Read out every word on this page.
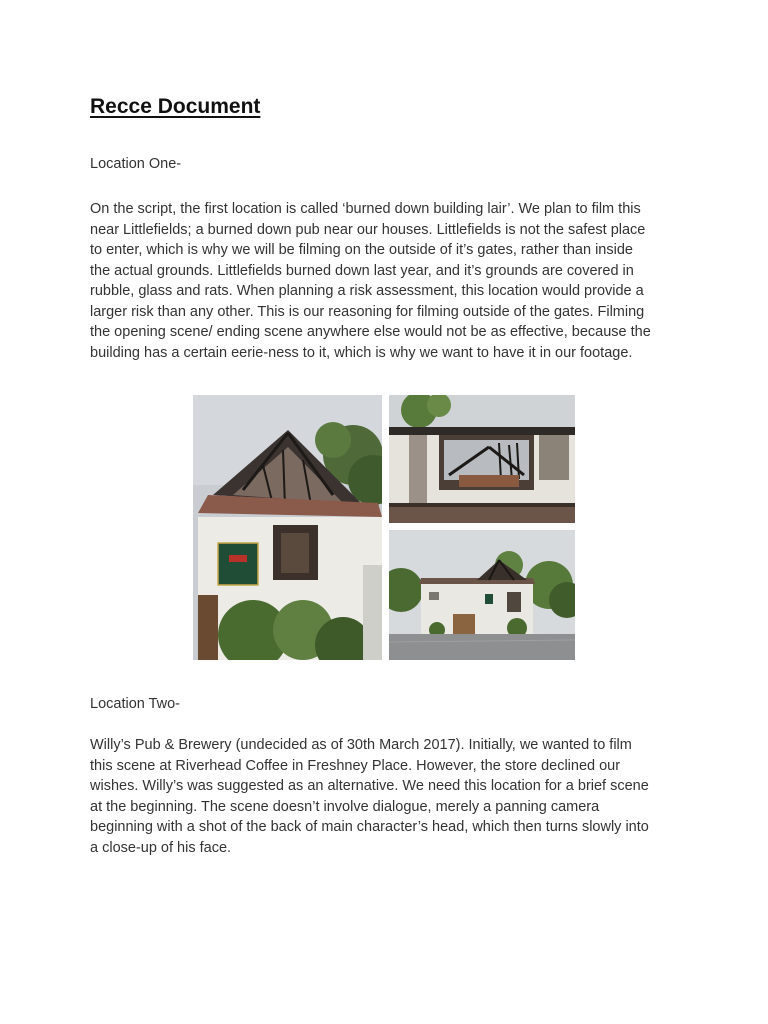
Recce Document

Location One-

On the script, the first location is called ‘burned down building lair’. We plan to film this
near Littlefields; a burned down pub near our houses. Littlefields is not the safest place
to enter, which is why we will be filming on the outside of it’s gates, rather than inside
the actual grounds. Littlefields burned down last year, and it’s grounds are covered in
rubble, glass and rats. When planning a risk assessment, this location would provide a
larger risk than any other. This is our reasoning for filming outside of the gates. Filming
the opening scene/ ending scene anywhere else would not be as effective, because the
building has a certain eerie-ness to it, which is why we want to have it in our footage.

Location Two-

Willy’s Pub & Brewery (undecided as of 30th March 2017). Initially, we wanted to film
this scene at Riverhead Coffee in Freshney Place. However, the store declined our
wishes. Willy’s was suggested as an alternative. We need this location for a brief scene
at the beginning. The scene doesn’t involve dialogue, merely a panning camera
beginning with a shot of the back of main character’s head, which then turns slowly into
a close-up of his face.
